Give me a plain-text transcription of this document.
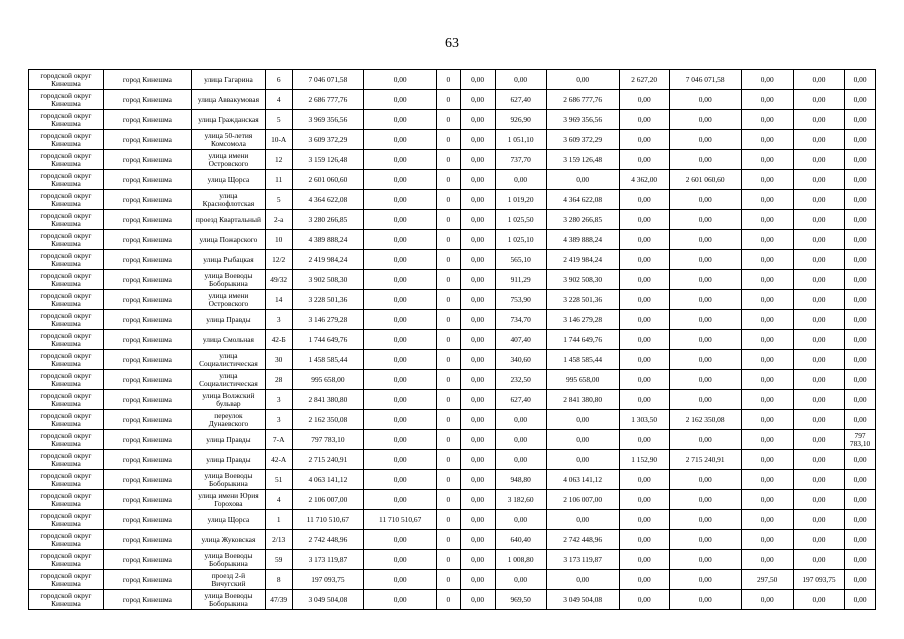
63
городской округ Кинешма	город Кинешма	улица Гагарина	6	7 046 071,58	0,00	0	0,00	0,00	0,00	2 627,20	7 046 071,58	0,00	0,00	0,00
городской округ Кинешма	город Кинешма	улица Аввакумовая	4	2 686 777,76	0,00	0	0,00	627,40	2 686 777,76	0,00	0,00	0,00	0,00	0,00
городской округ Кинешма	город Кинешма	улица Гражданская	5	3 969 356,56	0,00	0	0,00	926,90	3 969 356,56	0,00	0,00	0,00	0,00	0,00
городской округ Кинешма	город Кинешма	улица 50-летия Комсомола	10-А	3 609 372,29	0,00	0	0,00	1 051,10	3 609 372,29	0,00	0,00	0,00	0,00	0,00
городской округ Кинешма	город Кинешма	улица имени Островского	12	3 159 126,48	0,00	0	0,00	737,70	3 159 126,48	0,00	0,00	0,00	0,00	0,00
городской округ Кинешма	город Кинешма	улица Щорса	11	2 601 060,60	0,00	0	0,00	0,00	0,00	4 362,00	2 601 060,60	0,00	0,00	0,00
городской округ Кинешма	город Кинешма	улица Краснофлотская	5	4 364 622,08	0,00	0	0,00	1 019,20	4 364 622,08	0,00	0,00	0,00	0,00	0,00
городской округ Кинешма	город Кинешма	проезд Квартальный	2-а	3 280 266,85	0,00	0	0,00	1 025,50	3 280 266,85	0,00	0,00	0,00	0,00	0,00
городской округ Кинешма	город Кинешма	улица Пожарского	10	4 389 888,24	0,00	0	0,00	1 025,10	4 389 888,24	0,00	0,00	0,00	0,00	0,00
городской округ Кинешма	город Кинешма	улица Рыбацкая	12/2	2 419 984,24	0,00	0	0,00	565,10	2 419 984,24	0,00	0,00	0,00	0,00	0,00
городской округ Кинешма	город Кинешма	улица Воеводы Боборыкина	49/32	3 902 508,30	0,00	0	0,00	911,29	3 902 508,30	0,00	0,00	0,00	0,00	0,00
городской округ Кинешма	город Кинешма	улица имени Островского	14	3 228 501,36	0,00	0	0,00	753,90	3 228 501,36	0,00	0,00	0,00	0,00	0,00
городской округ Кинешма	город Кинешма	улица Правды	3	3 146 279,28	0,00	0	0,00	734,70	3 146 279,28	0,00	0,00	0,00	0,00	0,00
городской округ Кинешма	город Кинешма	улица Смольная	42-Б	1 744 649,76	0,00	0	0,00	407,40	1 744 649,76	0,00	0,00	0,00	0,00	0,00
городской округ Кинешма	город Кинешма	улица Социалистическая	30	1 458 585,44	0,00	0	0,00	340,60	1 458 585,44	0,00	0,00	0,00	0,00	0,00
городской округ Кинешма	город Кинешма	улица Социалистическая	28	995 658,00	0,00	0	0,00	232,50	995 658,00	0,00	0,00	0,00	0,00	0,00
городской округ Кинешма	город Кинешма	улица Волжский бульвар	3	2 841 380,80	0,00	0	0,00	627,40	2 841 380,80	0,00	0,00	0,00	0,00	0,00
городской округ Кинешма	город Кинешма	переулок Дунаевского	3	2 162 350,08	0,00	0	0,00	0,00	0,00	1 303,50	2 162 350,08	0,00	0,00	0,00
городской округ Кинешма	город Кинешма	улица Правды	7-А	797 783,10	0,00	0	0,00	0,00	0,00	0,00	0,00	0,00	0,00	797 783,10
городской округ Кинешма	город Кинешма	улица Правды	42-А	2 715 240,91	0,00	0	0,00	0,00	0,00	1 152,90	2 715 240,91	0,00	0,00	0,00
городской округ Кинешма	город Кинешма	улица Воеводы Боборыкина	51	4 063 141,12	0,00	0	0,00	948,80	4 063 141,12	0,00	0,00	0,00	0,00	0,00
городской округ Кинешма	город Кинешма	улица имени Юрия Горохова	4	2 106 007,00	0,00	0	0,00	3 182,60	2 106 007,00	0,00	0,00	0,00	0,00	0,00
городской округ Кинешма	город Кинешма	улица Щорса	1	11 710 510,67	11 710 510,67	0	0,00	0,00	0,00	0,00	0,00	0,00	0,00	0,00
городской округ Кинешма	город Кинешма	улица Жуковская	2/13	2 742 448,96	0,00	0	0,00	640,40	2 742 448,96	0,00	0,00	0,00	0,00	0,00
городской округ Кинешма	город Кинешма	улица Воеводы Боборыкина	59	3 173 119,87	0,00	0	0,00	1 008,80	3 173 119,87	0,00	0,00	0,00	0,00	0,00
городской округ Кинешма	город Кинешма	проезд 2-й Вичугский	8	197 093,75	0,00	0	0,00	0,00	0,00	0,00	0,00	297,50	197 093,75	0,00
городской округ Кинешма	город Кинешма	улица Воеводы Боборыкина	47/39	3 049 504,08	0,00	0	0,00	969,50	3 049 504,08	0,00	0,00	0,00	0,00	0,00
